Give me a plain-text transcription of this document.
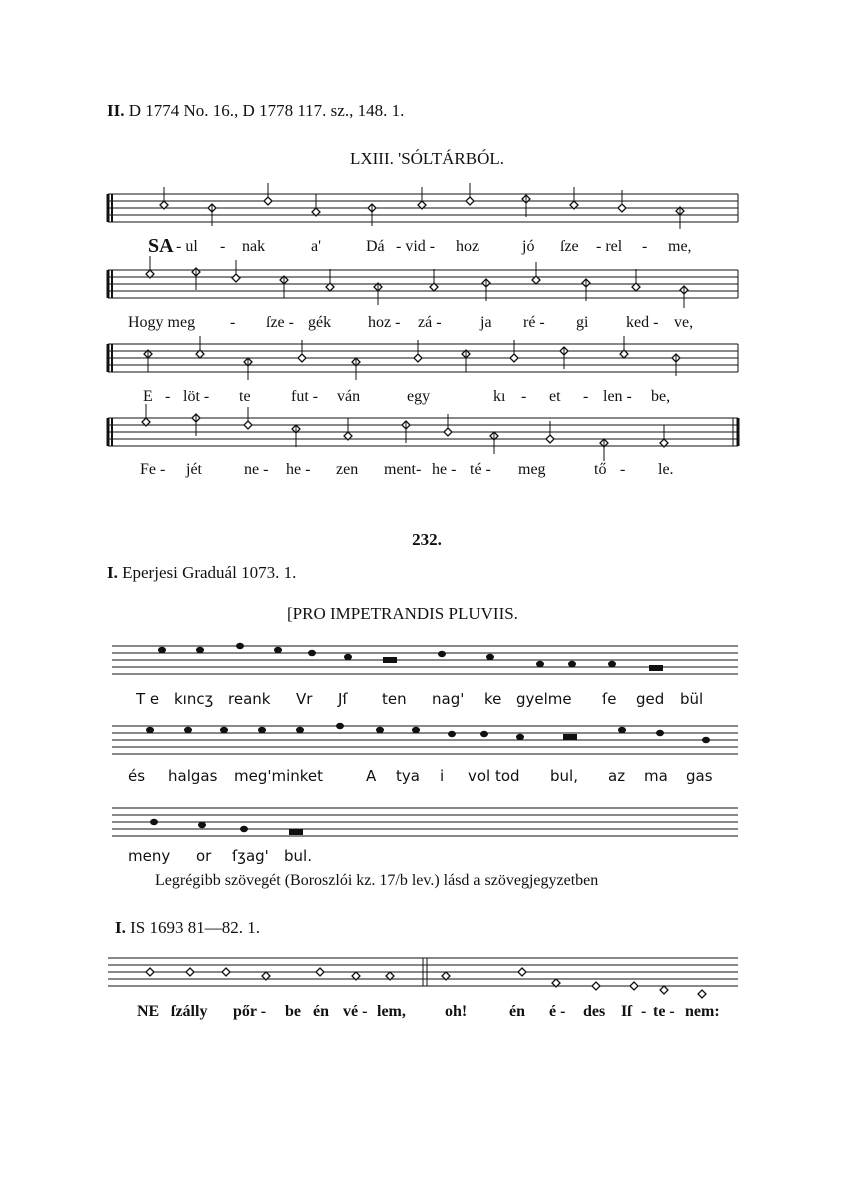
II. D 1774 No. 16., D 1778 117. sz., 148. 1.
LXIII. 'SÓLTÁRBÓL.
SA - ul - nak	a'	Dá - vid - hoz	jó ſze - rel - me,
Hogy meg - ſze - gék hoz - zá - ja ré - gi ked - ve,
E - löt - te	fut - ván	egy	kı - et - len - be,
Fe - jét	ne - he - zen ment- he - té - meg	tő - le.
232.
I. Eperjesi Graduál 1073. 1.
[PRO IMPETRANDIS PLUVIIS.
T e kıncʒ reank Vr Jſ ten nag' ke gyelme ſe ged bül
és halgas meg'minket	A tya i vol tod bul, az ma gas
meny or ſʒag' bul.
Legrégibb szövegét (Boroszlói kz. 17/b lev.) lásd a szövegjegyzetben
I. IS 1693 81—82. 1.
NE ſzálly pőr - be én vé - lem, oh!	én é - des Iſ - te - nem:
